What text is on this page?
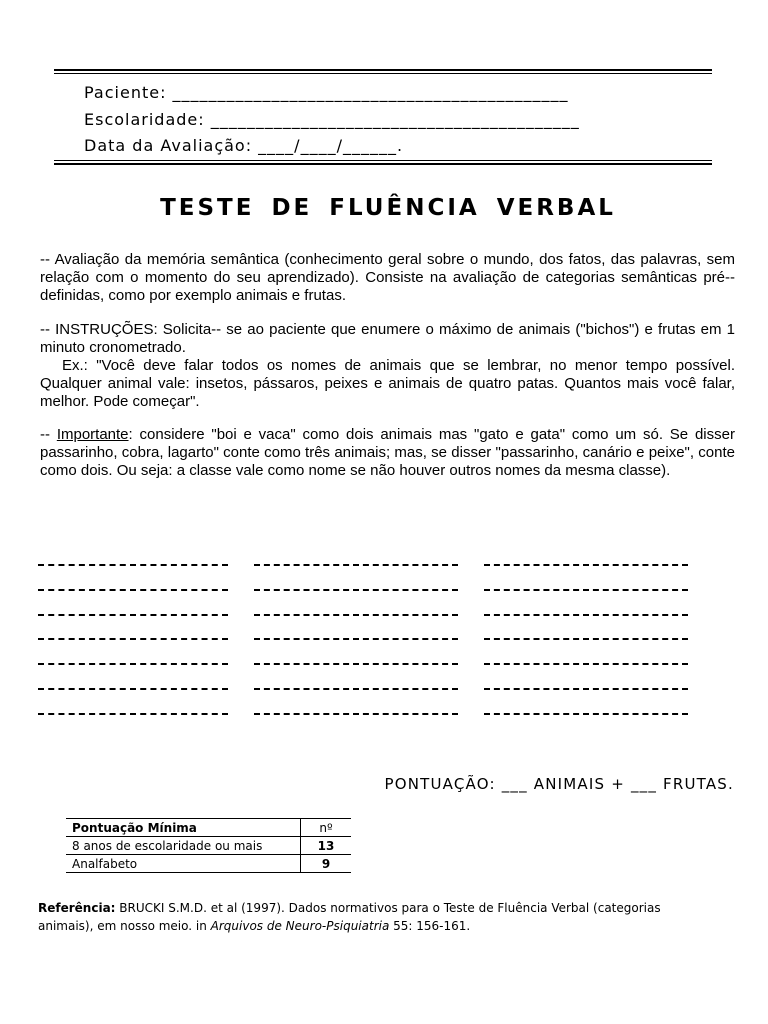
Paciente: ____________________________________________
Escolaridade: _________________________________________
Data da Avaliação: ____/____/______.
TESTE DE FLUÊNCIA VERBAL

-- Avaliação da memória semântica (conhecimento geral sobre o mundo, dos fatos, das palavras, sem relação com o momento do seu aprendizado). Consiste na avaliação de categorias semânticas pré-- definidas, como por exemplo animais e frutas.

-- INSTRUÇÕES: Solicita-- se ao paciente que enumere o máximo de animais ("bichos") e frutas em 1 minuto cronometrado.

Ex.: "Você deve falar todos os nomes de animais que se lembrar, no menor tempo possível. Qualquer animal vale: insetos, pássaros, peixes e animais de quatro patas. Quantos mais você falar, melhor. Pode começar".

-- Importante: considere "boi e vaca" como dois animais mas "gato e gata" como um só. Se disser passarinho, cobra, lagarto" conte como três animais; mas, se disser "passarinho, canário e peixe", conte como dois. Ou seja: a classe vale como nome se não houver outros nomes da mesma classe).

PONTUAÇÃO: ___ ANIMAIS + ___ FRUTAS.
Pontuação Mínima	nº
8 anos de escolaridade ou mais	13
Analfabeto	9
Referência: BRUCKI S.M.D. et al (1997). Dados normativos para o Teste de Fluência Verbal (categorias animais), em nosso meio. in Arquivos de Neuro-Psiquiatria 55: 156-161.
